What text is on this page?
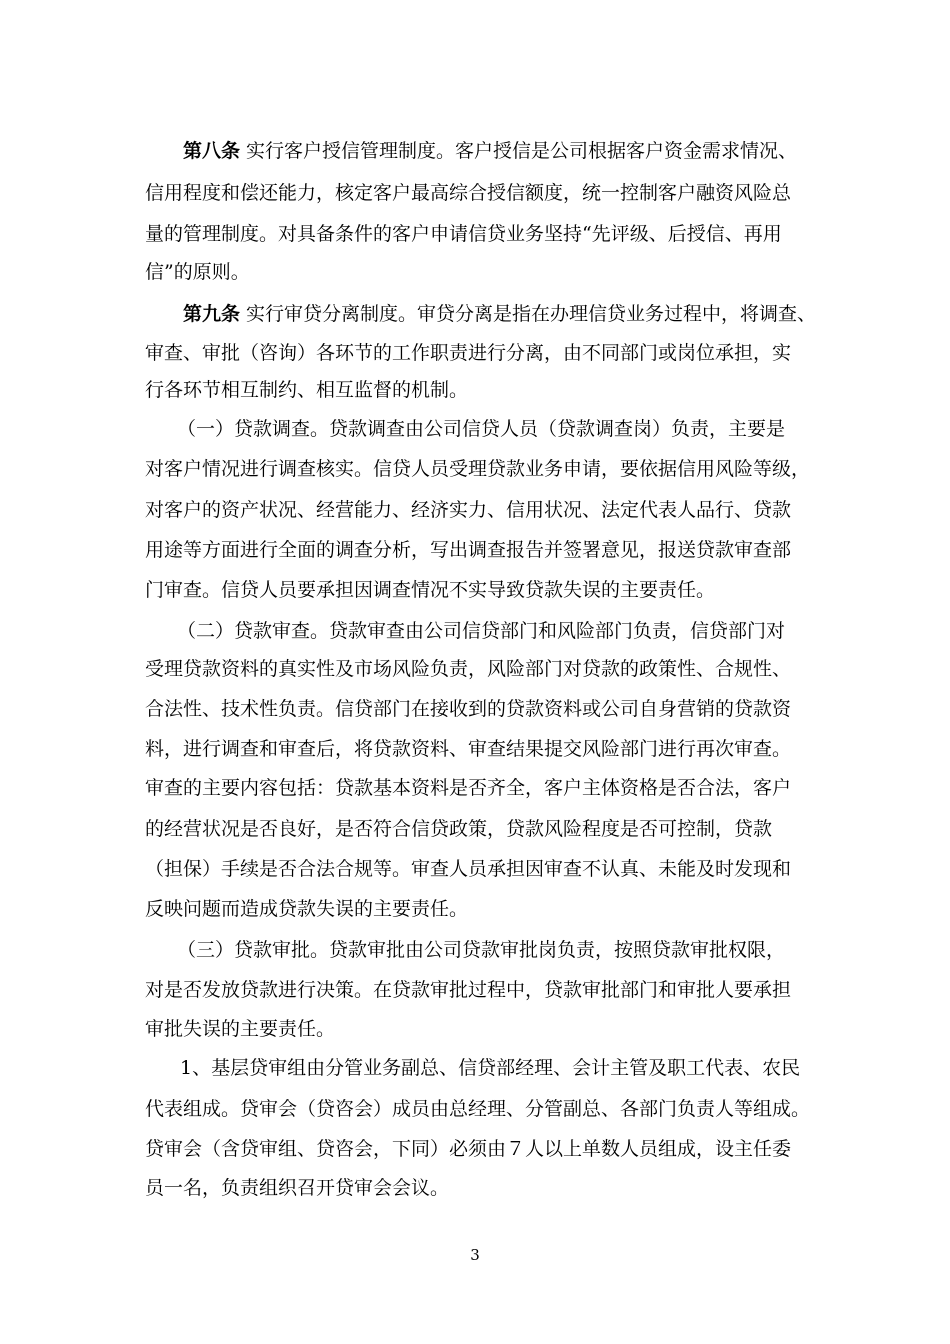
第八条 实行客户授信管理制度。客户授信是公司根据客户资金需求情况、
信用程度和偿还能力，核定客户最高综合授信额度，统一控制客户融资风险总
量的管理制度。对具备条件的客户申请信贷业务坚持“先评级、后授信、再用
信”的原则。
第九条 实行审贷分离制度。审贷分离是指在办理信贷业务过程中，将调查、
审查、审批（咨询）各环节的工作职责进行分离，由不同部门或岗位承担，实
行各环节相互制约、相互监督的机制。
（一）贷款调查。贷款调查由公司信贷人员（贷款调查岗）负责，主要是
对客户情况进行调查核实。信贷人员受理贷款业务申请，要依据信用风险等级，
对客户的资产状况、经营能力、经济实力、信用状况、法定代表人品行、贷款
用途等方面进行全面的调查分析，写出调查报告并签署意见，报送贷款审查部
门审查。信贷人员要承担因调查情况不实导致贷款失误的主要责任。
（二）贷款审查。贷款审查由公司信贷部门和风险部门负责，信贷部门对
受理贷款资料的真实性及市场风险负责，风险部门对贷款的政策性、合规性、
合法性、技术性负责。信贷部门在接收到的贷款资料或公司自身营销的贷款资
料，进行调查和审查后，将贷款资料、审查结果提交风险部门进行再次审查。
审查的主要内容包括：贷款基本资料是否齐全，客户主体资格是否合法，客户
的经营状况是否良好，是否符合信贷政策，贷款风险程度是否可控制，贷款
（担保）手续是否合法合规等。审查人员承担因审查不认真、未能及时发现和
反映问题而造成贷款失误的主要责任。
（三）贷款审批。贷款审批由公司贷款审批岗负责，按照贷款审批权限，
对是否发放贷款进行决策。在贷款审批过程中，贷款审批部门和审批人要承担
审批失误的主要责任。
1、基层贷审组由分管业务副总、信贷部经理、会计主管及职工代表、农民
代表组成。贷审会（贷咨会）成员由总经理、分管副总、各部门负责人等组成。
贷审会（含贷审组、贷咨会，下同）必须由７人以上单数人员组成，设主任委
员一名，负责组织召开贷审会会议。
3
